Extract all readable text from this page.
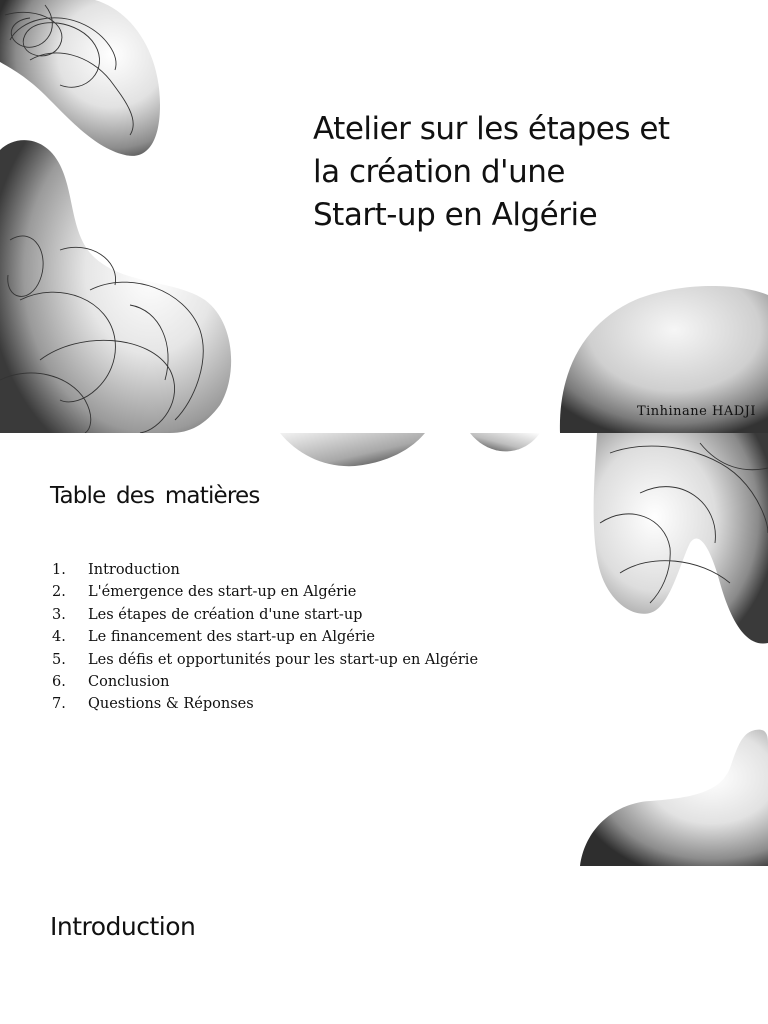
Atelier sur les étapes et
la création d'une
Start-up en Algérie
Tinhinane HADJI
Table des matières
1. Introduction
2. L'émergence des start-up en Algérie
3. Les étapes de création d'une start-up
4. Le financement des start-up en Algérie
5. Les défis et opportunités pour les start-up en Algérie
6. Conclusion
7. Questions & Réponses
Introduction
